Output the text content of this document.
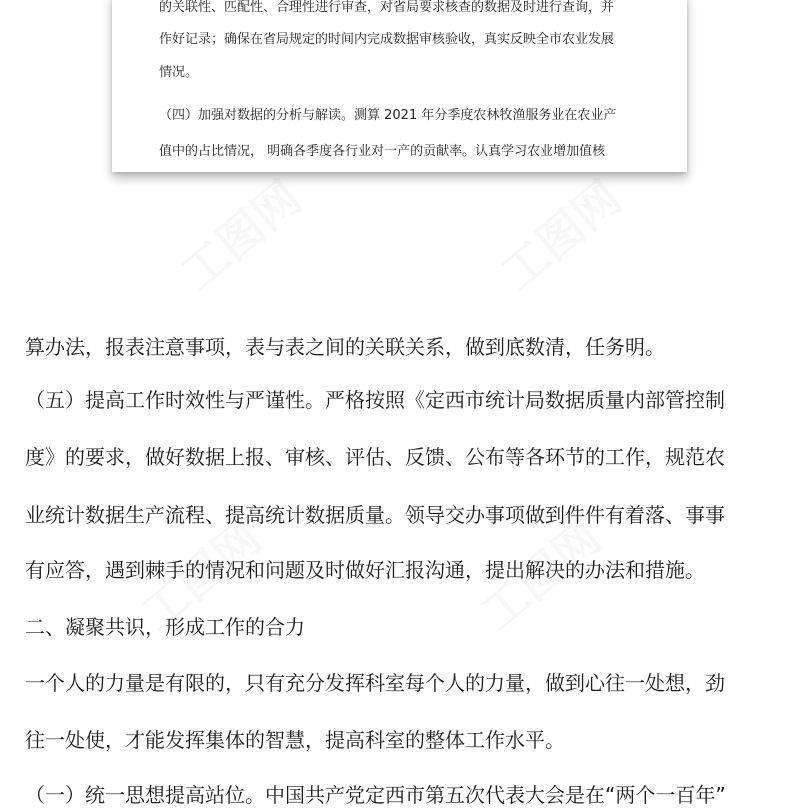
的关联性、匹配性、合理性进行审查，对省局要求核查的数据及时进行查询，并
作好记录；确保在省局规定的时间内完成数据审核验收，真实反映全市农业发展
情况。
（四）加强对数据的分析与解读。测算 2021 年分季度农林牧渔服务业在农业产
值中的占比情况， 明确各季度各行业对一产的贡献率。认真学习农业增加值核
算办法，报表注意事项，表与表之间的关联关系，做到底数清，任务明。
（五）提高工作时效性与严谨性。严格按照《定西市统计局数据质量内部管控制
度》的要求，做好数据上报、审核、评估、反馈、公布等各环节的工作，规范农
业统计数据生产流程、提高统计数据质量。领导交办事项做到件件有着落、事事
有应答，遇到棘手的情况和问题及时做好汇报沟通，提出解决的办法和措施。
二、凝聚共识，形成工作的合力
一个人的力量是有限的，只有充分发挥科室每个人的力量，做到心往一处想，劲
往一处使，才能发挥集体的智慧，提高科室的整体工作水平。
（一）统一思想提高站位。中国共产党定西市第五次代表大会是在“两个一百年”
